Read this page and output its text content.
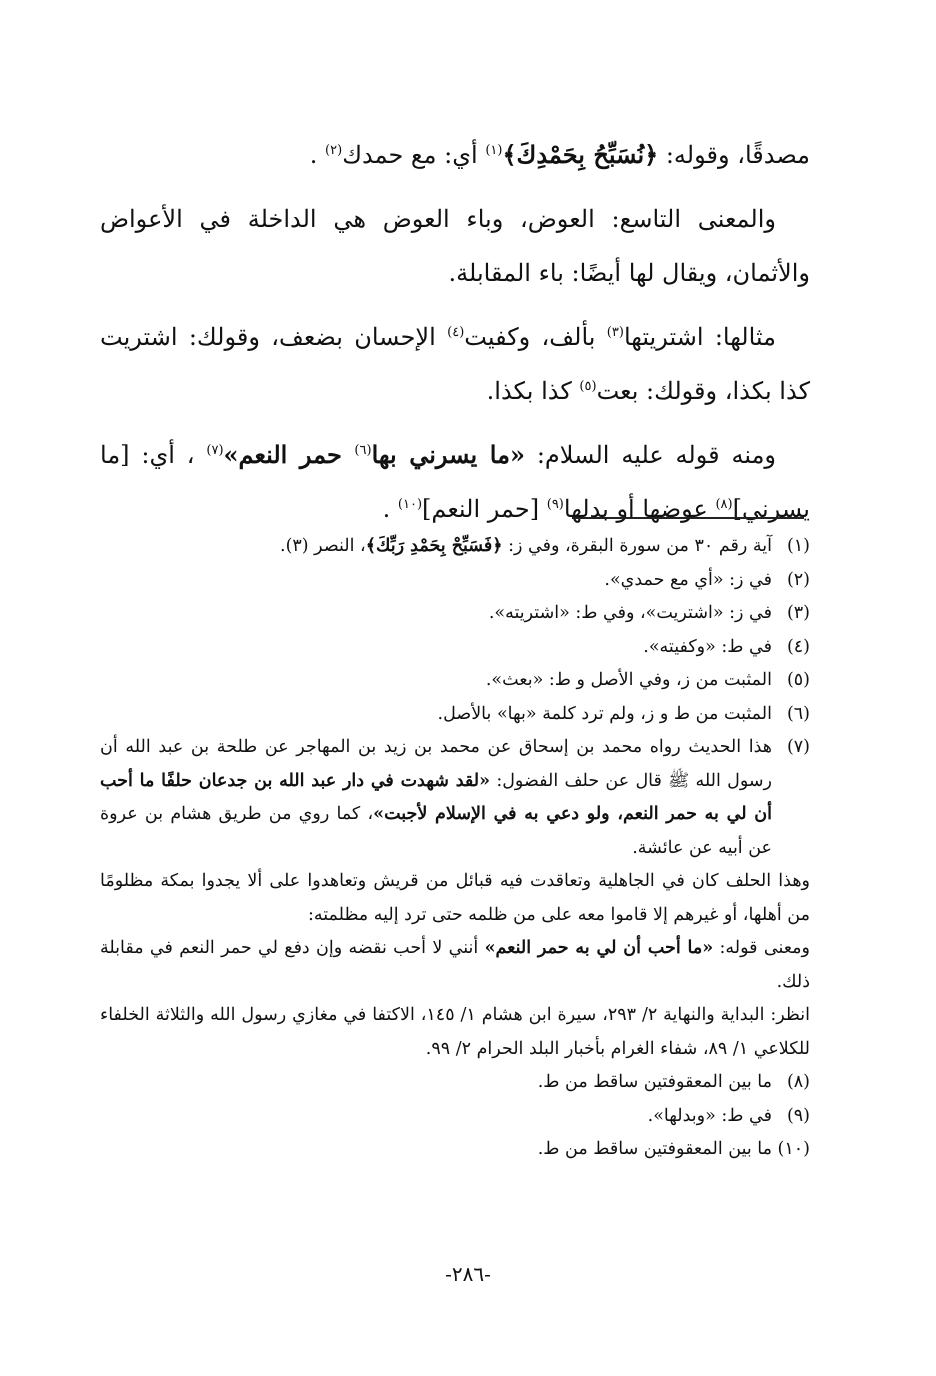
مصدقًا، وقوله: ﴿نُسَبِّحُ بِحَمْدِكَ﴾$^{(١)}$ أي: مع حمدك$^{(٢)}$ .

والمعنى التاسع: العوض، وباء العوض هي الداخلة في الأعواض والأثمان، ويقال لها أيضًا: باء المقابلة.

مثالها: اشتريتها$^{(٣)}$ بألف، وكفيت$^{(٤)}$ الإحسان بضعف، وقولك: اشتريت كذا بكذا، وقولك: بعت$^{(٥)}$ كذا بكذا.

ومنه قوله عليه السلام: «ما يسرني بها$^{(٦)}$ حمر النعم»$^{(٧)}$ ، أي: [ما يسرني]$^{(٨)}$ عوضها أو بدلها$^{(٩)}$ [حمر النعم]$^{(١٠)}$ .

(١)
آية رقم ٣٠ من سورة البقرة، وفي ز: ﴿فَسَبِّحْ بِحَمْدِ رَبِّكَ﴾، النصر (٣).
(٢)
في ز: «أي مع حمدي».
(٣)
في ز: «اشتريت»، وفي ط: «اشتريته».
(٤)
في ط: «وكفيته».
(٥)
المثبت من ز، وفي الأصل و ط: «بعث».
(٦)
المثبت من ط و ز، ولم ترد كلمة «بها» بالأصل.
(٧)

هذا الحديث رواه محمد بن إسحاق عن محمد بن زيد بن المهاجر عن طلحة بن عبد الله أن رسول الله ﷺ قال عن حلف الفضول: «لقد شهدت في دار عبد الله بن جدعان حلفًا ما أحب أن لي به حمر النعم، ولو دعي به في الإسلام لأجبت»، كما روي من طريق هشام بن عروة عن أبيه عن عائشة.

وهذا الحلف كان في الجاهلية وتعاقدت فيه قبائل من قريش وتعاهدوا على ألا يجدوا بمكة مظلومًا من أهلها، أو غيرهم إلا قاموا معه على من ظلمه حتى ترد إليه مظلمته:

ومعنى قوله: «ما أحب أن لي به حمر النعم» أنني لا أحب نقضه وإن دفع لي حمر النعم في مقابلة ذلك.

انظر: البداية والنهاية ٢/ ٢٩٣، سيرة ابن هشام ١/ ١٤٥، الاكتفا في مغازي رسول الله والثلاثة الخلفاء للكلاعي ١/ ٨٩، شفاء الغرام بأخبار البلد الحرام ٢/ ٩٩.

(٨)
ما بين المعقوفتين ساقط من ط.
(٩)
في ط: «وبدلها».
(١٠)
ما بين المعقوفتين ساقط من ط.
-٢٨٦-
